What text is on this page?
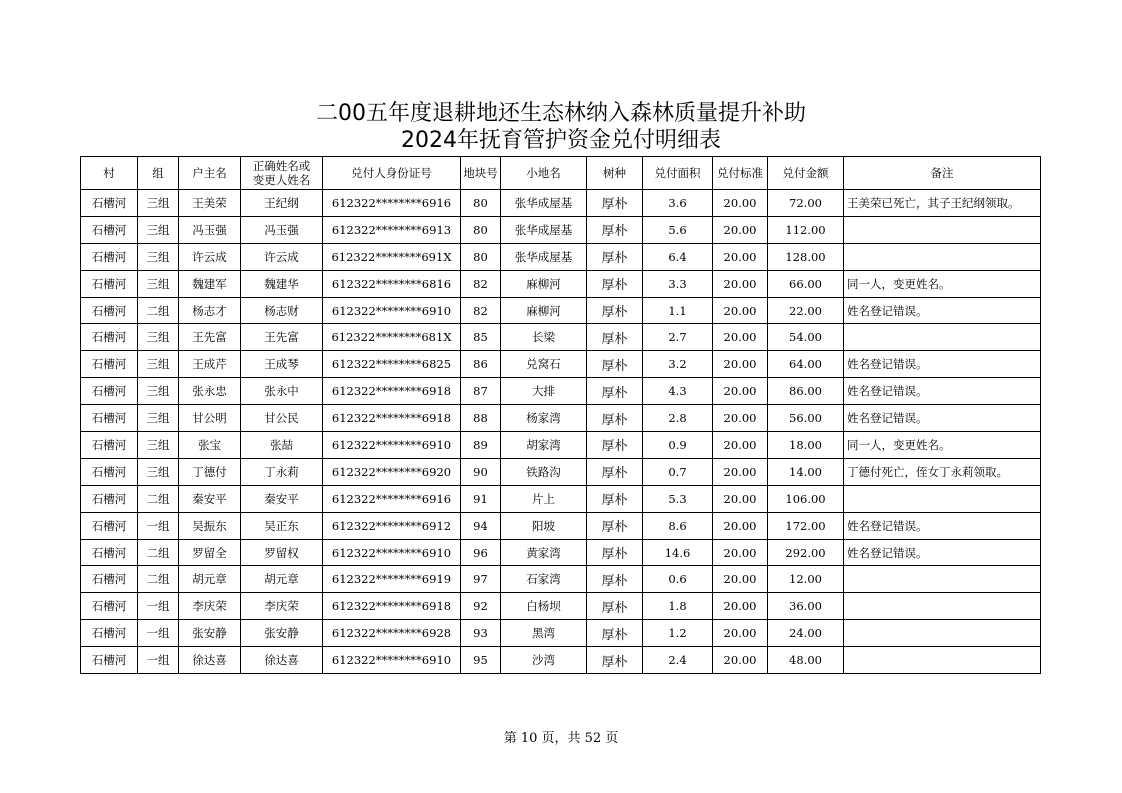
二00五年度退耕地还生态林纳入森林质量提升补助
2024年抚育管护资金兑付明细表
村	组	户主名	正确姓名或
变更人姓名	兑付人身份证号	地块号	小地名	树种	兑付面积	兑付标准	兑付金额	备注
石槽河	三组	王美荣	王纪纲	612322********6916	80	张华成屋基	厚朴	3.6	20.00	72.00	王美荣已死亡，其子王纪纲领取。
石槽河	三组	冯玉强	冯玉强	612322********6913	80	张华成屋基	厚朴	5.6	20.00	112.00	
石槽河	三组	许云成	许云成	612322********691X	80	张华成屋基	厚朴	6.4	20.00	128.00	
石槽河	三组	魏建军	魏建华	612322********6816	82	麻柳河	厚朴	3.3	20.00	66.00	同一人，变更姓名。
石槽河	二组	杨志才	杨志财	612322********6910	82	麻柳河	厚朴	1.1	20.00	22.00	姓名登记错误。
石槽河	三组	王先富	王先富	612322********681X	85	长梁	厚朴	2.7	20.00	54.00	
石槽河	三组	王成芹	王成琴	612322********6825	86	兑窝石	厚朴	3.2	20.00	64.00	姓名登记错误。
石槽河	三组	张永忠	张永中	612322********6918	87	大排	厚朴	4.3	20.00	86.00	姓名登记错误。
石槽河	三组	甘公明	甘公民	612322********6918	88	杨家湾	厚朴	2.8	20.00	56.00	姓名登记错误。
石槽河	三组	张宝	张喆	612322********6910	89	胡家湾	厚朴	0.9	20.00	18.00	同一人，变更姓名。
石槽河	三组	丁德付	丁永莉	612322********6920	90	铁路沟	厚朴	0.7	20.00	14.00	丁德付死亡，侄女丁永莉领取。
石槽河	二组	秦安平	秦安平	612322********6916	91	片上	厚朴	5.3	20.00	106.00	
石槽河	一组	吴振东	吴正东	612322********6912	94	阳坡	厚朴	8.6	20.00	172.00	姓名登记错误。
石槽河	二组	罗留全	罗留权	612322********6910	96	黄家湾	厚朴	14.6	20.00	292.00	姓名登记错误。
石槽河	二组	胡元章	胡元章	612322********6919	97	石家湾	厚朴	0.6	20.00	12.00	
石槽河	一组	李庆荣	李庆荣	612322********6918	92	白杨坝	厚朴	1.8	20.00	36.00	
石槽河	一组	张安静	张安静	612322********6928	93	黑湾	厚朴	1.2	20.00	24.00	
石槽河	一组	徐达喜	徐达喜	612322********6910	95	沙湾	厚朴	2.4	20.00	48.00	
第 10 页，共 52 页
